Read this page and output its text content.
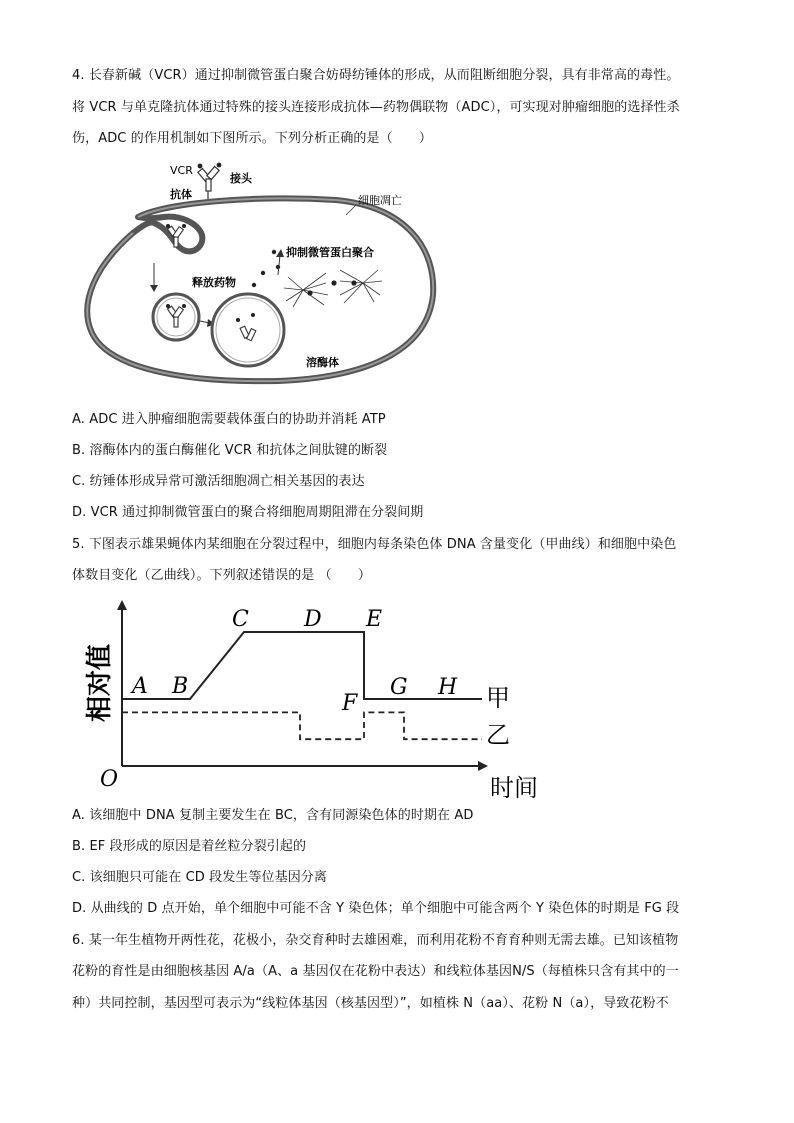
4. 长春新碱（VCR）通过抑制微管蛋白聚合妨碍纺锤体的形成，从而阻断细胞分裂，具有非常高的毒性。
将 VCR 与单克隆抗体通过特殊的接头连接形成抗体—药物偶联物（ADC），可实现对肿瘤细胞的选择性杀
伤，ADC 的作用机制如下图所示。下列分析正确的是（　　）
VCR
接头
抗体	细胞凋亡
溶酶体
释放药物
抑制微管蛋白聚合
A. ADC 进入肿瘤细胞需要载体蛋白的协助并消耗 ATP
B. 溶酶体内的蛋白酶催化 VCR 和抗体之间肽键的断裂
C. 纺锤体形成异常可激活细胞凋亡相关基因的表达
D. VCR 通过抑制微管蛋白的聚合将细胞周期阻滞在分裂间期
5. 下图表示雄果蝇体内某细胞在分裂过程中，细胞内每条染色体 DNA 含量变化（甲曲线）和细胞中染色
体数目变化（乙曲线）。下列叙述错误的是 （　　）
O	时间
相对值 A B
C	D E
F
G H 甲
乙
A. 该细胞中 DNA 复制主要发生在 BC，含有同源染色体的时期在 AD
B. EF 段形成的原因是着丝粒分裂引起的
C. 该细胞只可能在 CD 段发生等位基因分离
D. 从曲线的 D 点开始，单个细胞中可能不含 Y 染色体；单个细胞中可能含两个 Y 染色体的时期是 FG 段
6. 某一年生植物开两性花，花极小，杂交育种时去雄困难，而利用花粉不育育种则无需去雄。已知该植物
花粉的育性是由细胞核基因 A/a（A、a 基因仅在花粉中表达）和线粒体基因N/S（每植株只含有其中的一
种）共同控制，基因型可表示为“线粒体基因（核基因型）”，如植株 N（aa）、花粉 N（a），导致花粉不
